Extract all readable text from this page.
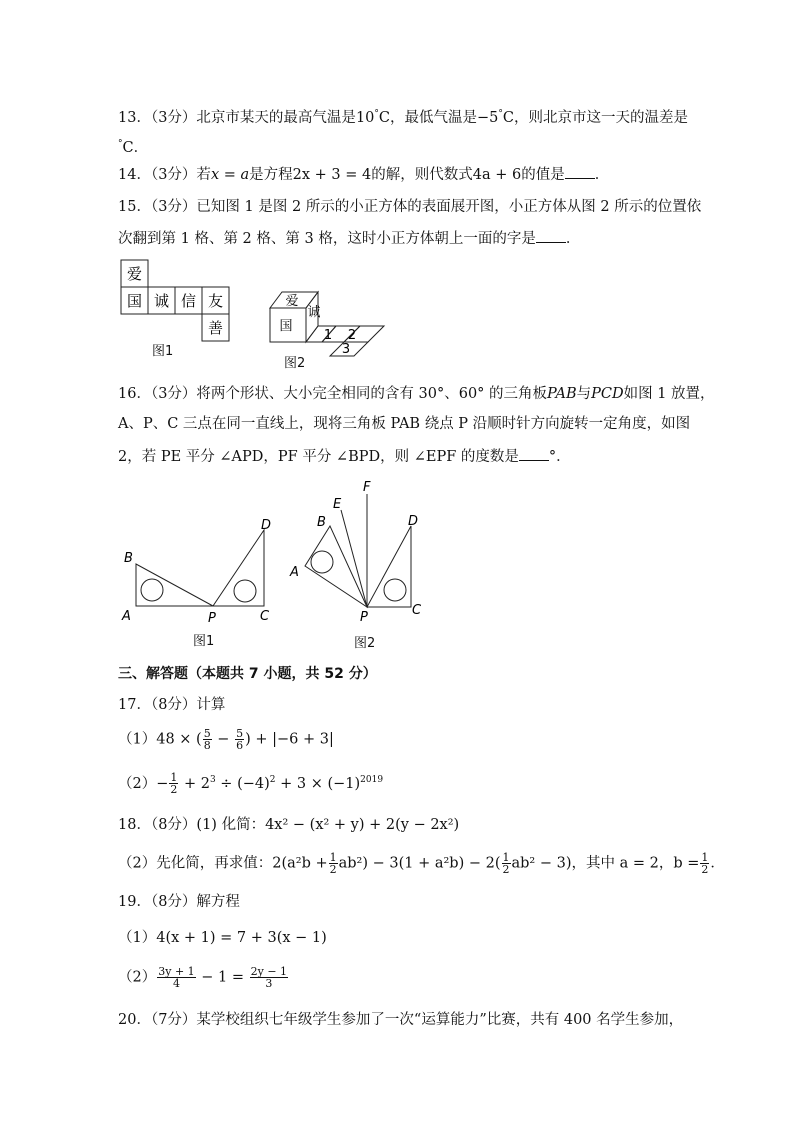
13．（3分）北京市某天的最高气温是10°C，最低气温是−5°C，则北京市这一天的温差是
°C．
14．（3分）若x = a是方程2x + 3 = 4的解，则代数式4a + 6的值是 ．
15．（3分）已知图 1 是图 2 所示的小正方体的表面展开图，小正方体从图 2 所示的位置依
次翻到第 1 格、第 2 格、第 3 格，这时小正方体朝上一面的字是 ．
爱
国 诚 信 友
善
图1
爱
国
诚
1 2
3
图2
16．（3分）将两个形状、大小完全相同的含有 30°、60° 的三角板PAB与PCD如图 1 放置，
A、P、C 三点在同一直线上，现将三角板 PAB 绕点 P 沿顺时针方向旋转一定角度，如图
2，若 PE 平分 ∠APD，PF 平分 ∠BPD，则 ∠EPF 的度数是 °．
B
A	P
D
C
图1
F
E
B	D
A
P	C
图2
三、解答题（本题共 7 小题，共 52 分）
17．（8分）计算
（1）48 × ( $\frac{5}{8} - \frac{5}{6}$ ) + |−6 + 3|
$(2)- \frac{1}{2} + 2^3 \div (-4)^2 + 3 \times (-1)^{2019}$
18．（8分）(1) 化简：4x² − (x² + y) + 2(y − 2x²)
（2）先化简，再求值：$2(a^2b + \frac{1}{2} ab^2) - 3(1 + a^2b) - 2( \frac{1}{2} ab^2 - 3)$，其中 a = 2，$b = \frac{1}{2}$ ．
19．（8分）解方程
（1）4(x + 1) = 7 + 3(x − 1)
$(2) \frac{3y + 1}{4} - 1 = \frac{2y - 1}{3}$
20．（7分）某学校组织七年级学生参加了一次“运算能力”比赛，共有 400 名学生参加，
